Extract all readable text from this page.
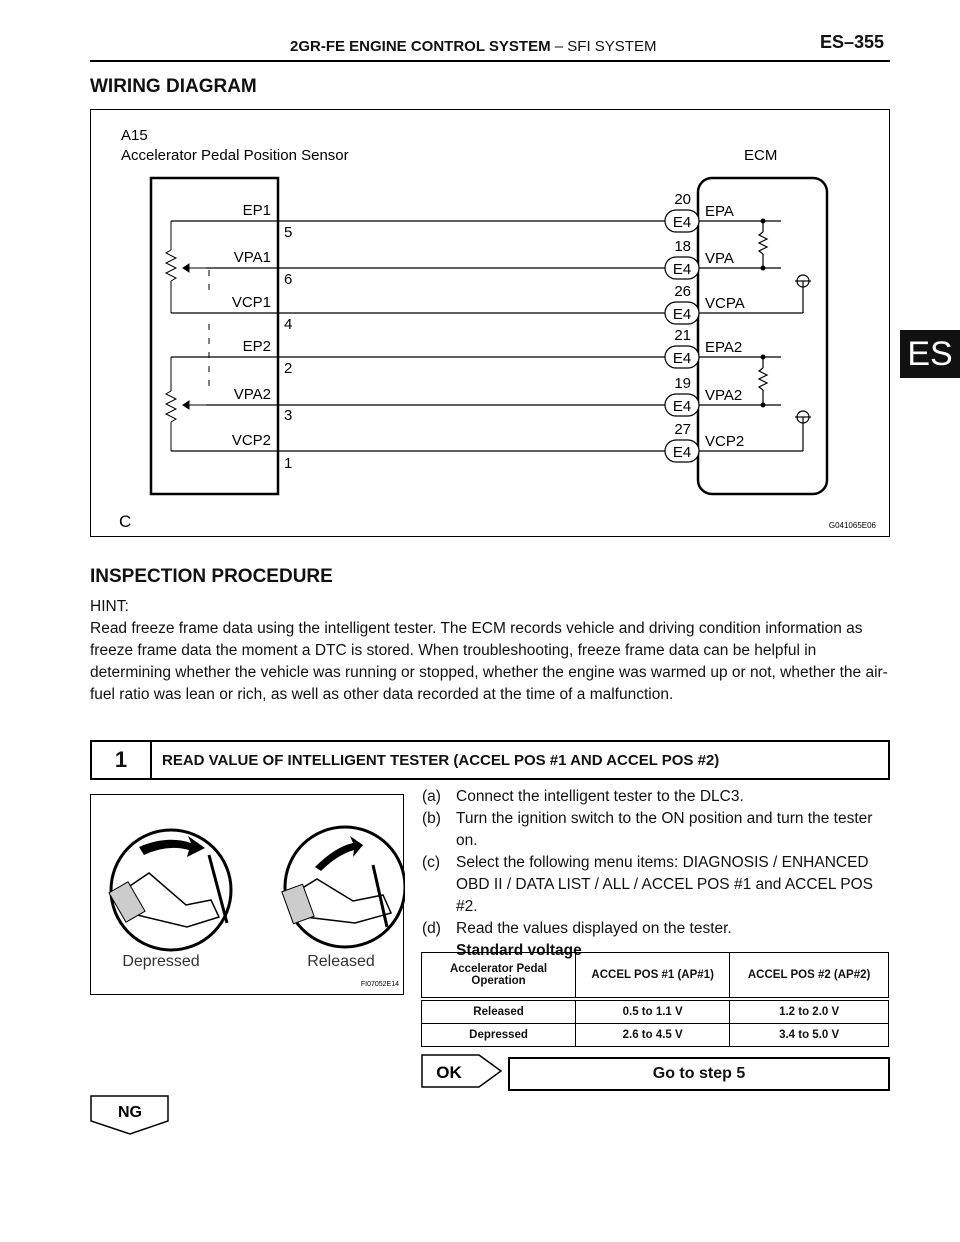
2GR-FE ENGINE CONTROL SYSTEM – SFI SYSTEM	ES–355
ES
WIRING DIAGRAM
A15
Accelerator Pedal Position Sensor	ECM
C	G041065E06
EP1
5
VPA1
6
VCP1
4
EP2
2
VPA2
3
VCP2
1
20
E4
EPA
18
E4
VPA
26
E4
VCPA
21
E4
EPA2
19
E4
VPA2
27
E4
VCP2
INSPECTION PROCEDURE
HINT:
Read freeze frame data using the intelligent tester. The ECM records vehicle and driving condition information as freeze frame data the moment a DTC is stored. When troubleshooting, freeze frame data can be helpful in determining whether the vehicle was running or stopped, whether the engine was warmed up or not, whether the air-fuel ratio was lean or rich, as well as other data recorded at the time of a malfunction.
1	READ VALUE OF INTELLIGENT TESTER (ACCEL POS #1 AND ACCEL POS #2)
Depressed	Released
FI07052E14
(a) Connect the intelligent tester to the DLC3.
(b) Turn the ignition switch to the ON position and turn the tester on.
(c)	Select the following menu items: DIAGNOSIS / ENHANCED OBD II / DATA LIST / ALL / ACCEL POS #1 and ACCEL POS #2.
(d) Read the values displayed on the tester.
Standard voltage
Accelerator Pedal Operation	ACCEL POS #1 (AP#1)	ACCEL POS #2 (AP#2)
Released	0.5 to 1.1 V	1.2 to 2.0 V
Depressed	2.6 to 4.5 V	3.4 to 5.0 V
OK	Go to step 5
NG
